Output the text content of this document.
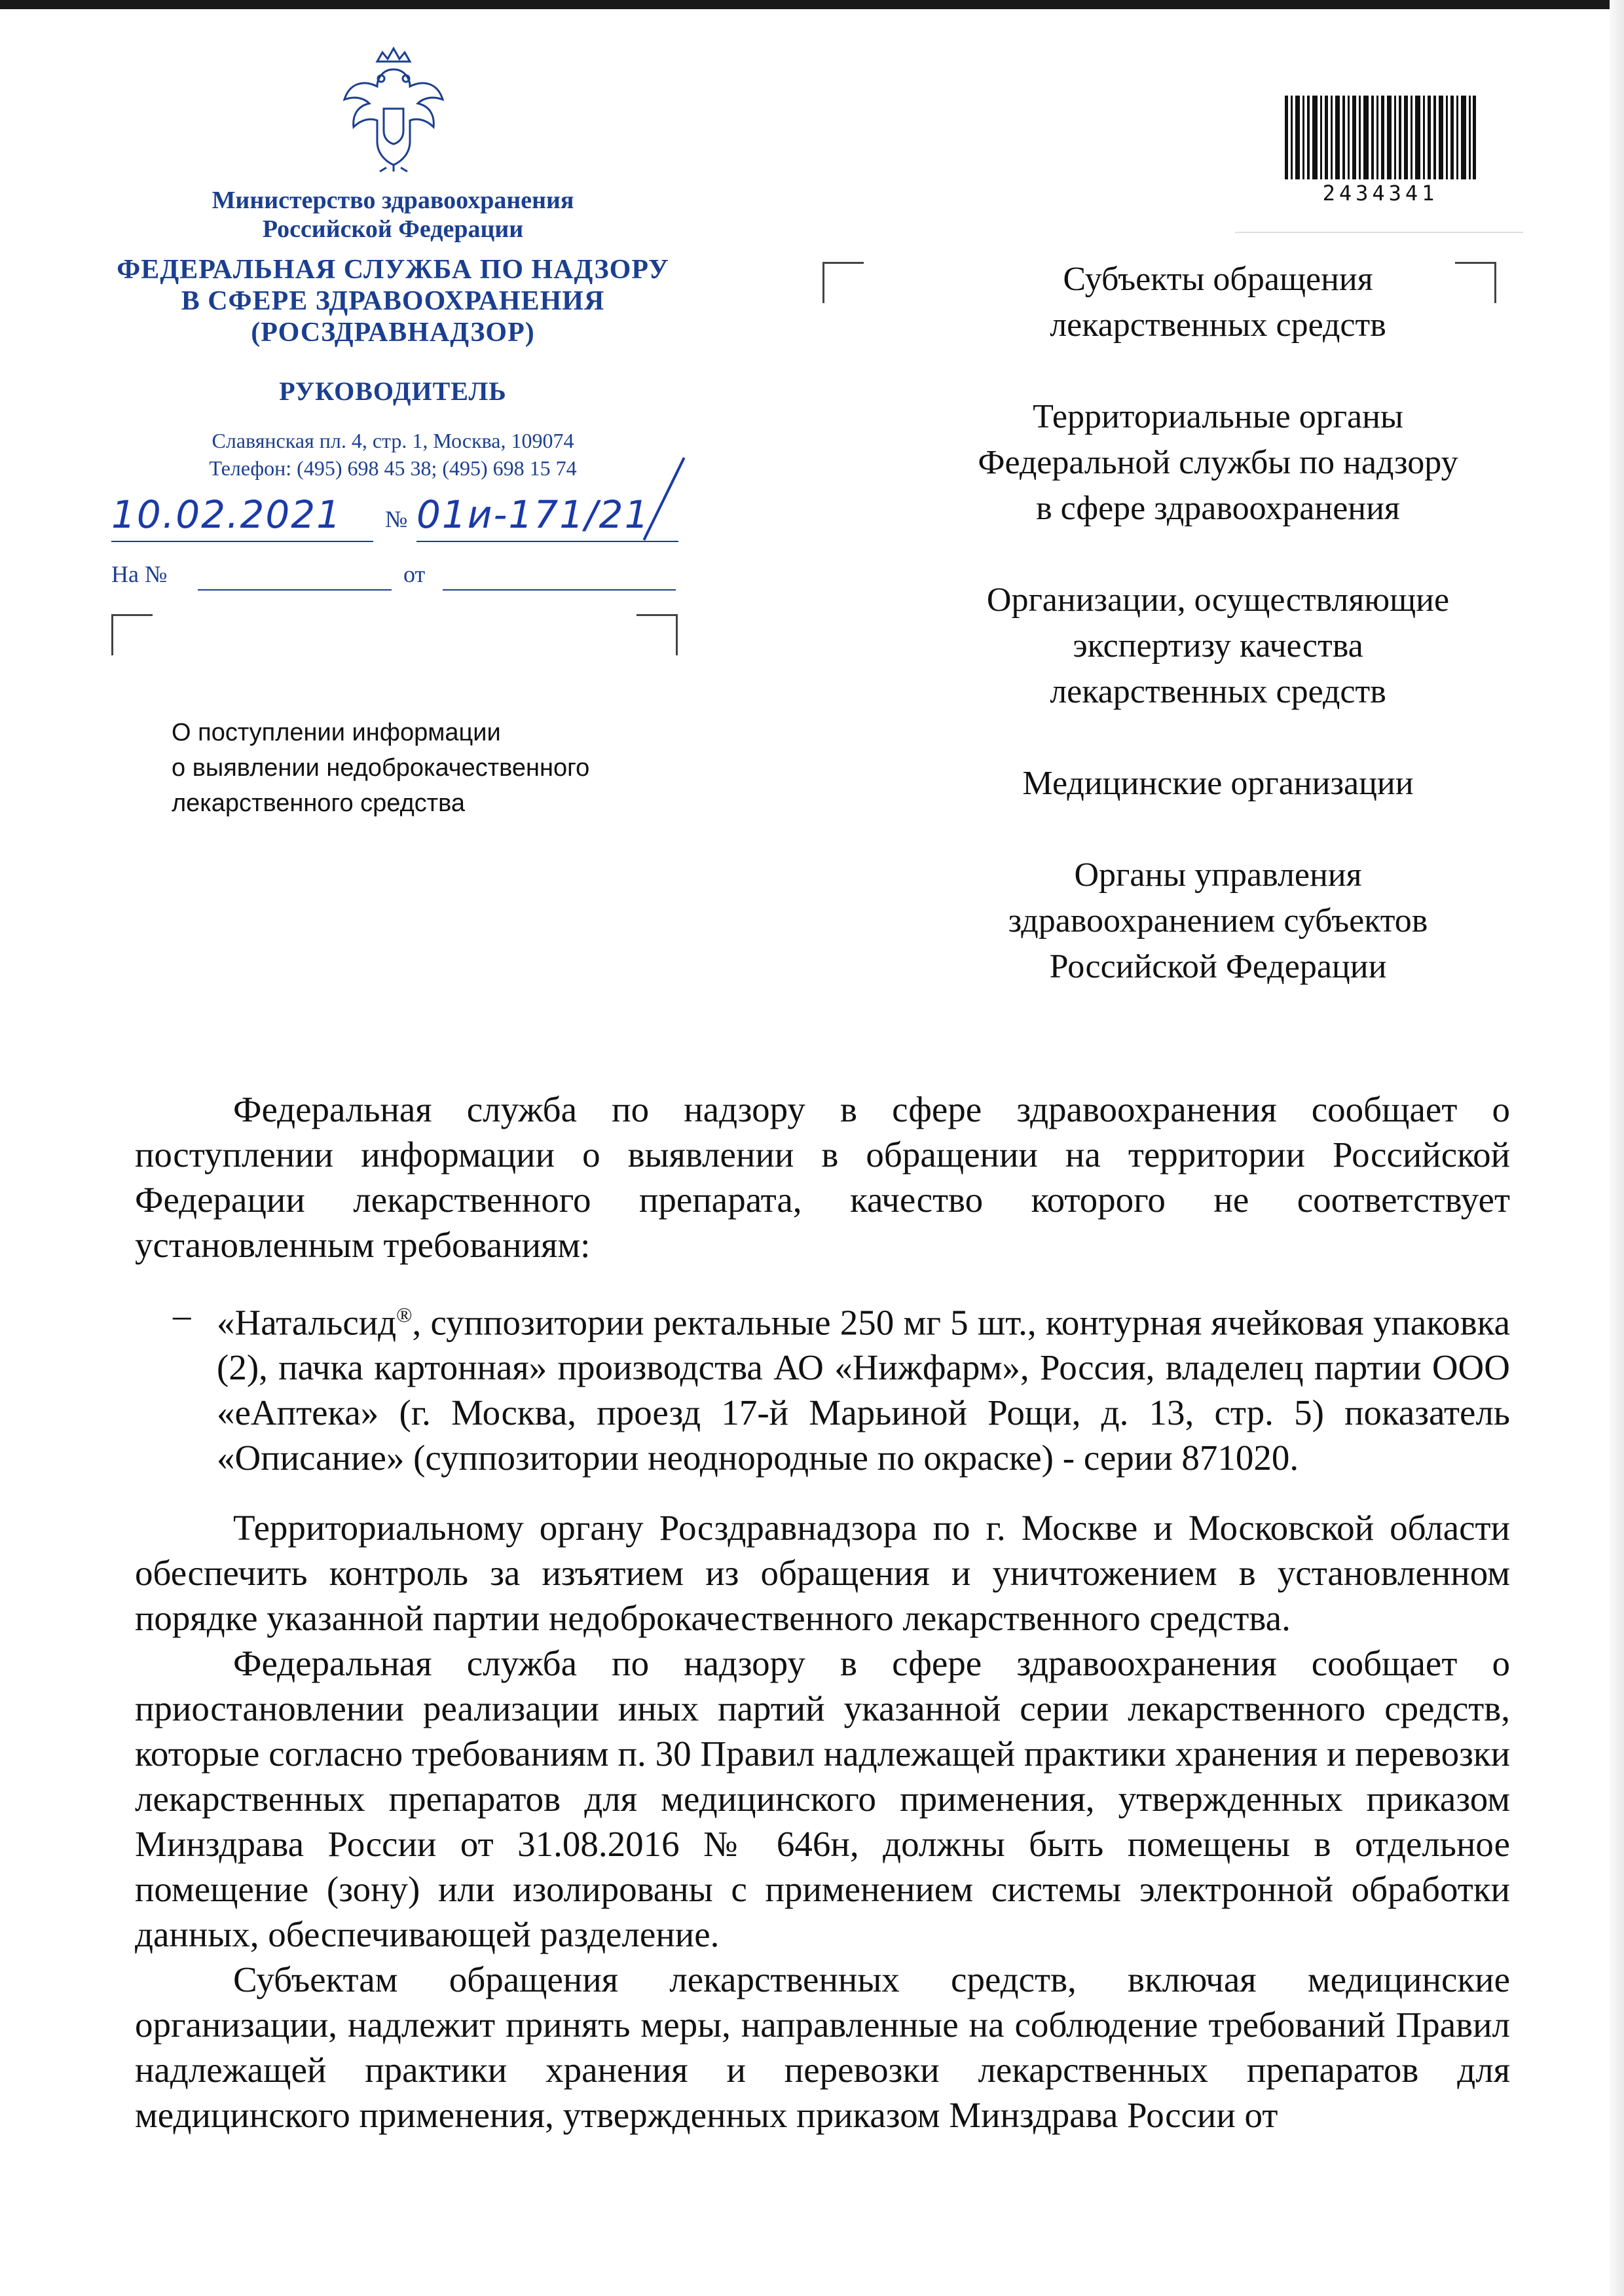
Министерство здравоохранения
Российской Федерации
ФЕДЕРАЛЬНАЯ СЛУЖБА ПО НАДЗОРУ
В СФЕРЕ ЗДРАВООХРАНЕНИЯ
(РОСЗДРАВНАДЗОР)
РУКОВОДИТЕЛЬ
Славянская пл. 4, стр. 1, Москва, 109074
Телефон: (495) 698 45 38; (495) 698 15 74
10.02.2021	№ 01и-171/21
На №	от
О поступлении информации
о выявлении недоброкачественного
лекарственного средства
2434341
Субъекты обращения
лекарственных средств
Территориальные органы
Федеральной службы по надзору
в сфере здравоохранения
Организации, осуществляющие
экспертизу качества
лекарственных средств
Медицинские организации
Органы управления
здравоохранением субъектов
Российской Федерации

Федеральная служба по надзору в сфере здравоохранения сообщает о поступлении информации о выявлении в обращении на территории Российской Федерации лекарственного препарата, качество которого не соответствует установленным требованиям:

– «Натальсид®, суппозитории ректальные 250 мг 5 шт., контурная ячейковая упаковка (2), пачка картонная» производства АО «Нижфарм», Россия, владелец партии ООО «еАптека» (г. Москва, проезд 17-й Марьиной Рощи, д. 13, стр. 5) показатель «Описание» (суппозитории неоднородные по окраске) - серии 871020.

Территориальному органу Росздравнадзора по г. Москве и Московской области обеспечить контроль за изъятием из обращения и уничтожением в установленном порядке указанной партии недоброкачественного лекарственного средства.

Федеральная служба по надзору в сфере здравоохранения сообщает о приостановлении реализации иных партий указанной серии лекарственного средств, которые согласно требованиям п. 30 Правил надлежащей практики хранения и перевозки лекарственных препаратов для медицинского применения, утвержденных приказом Минздрава России от 31.08.2016 № 646н, должны быть помещены в отдельное помещение (зону) или изолированы с применением системы электронной обработки данных, обеспечивающей разделение.

Субъектам обращения лекарственных средств, включая медицинские организации, надлежит принять меры, направленные на соблюдение требований Правил надлежащей практики хранения и перевозки лекарственных препаратов для медицинского применения, утвержденных приказом Минздрава России от
